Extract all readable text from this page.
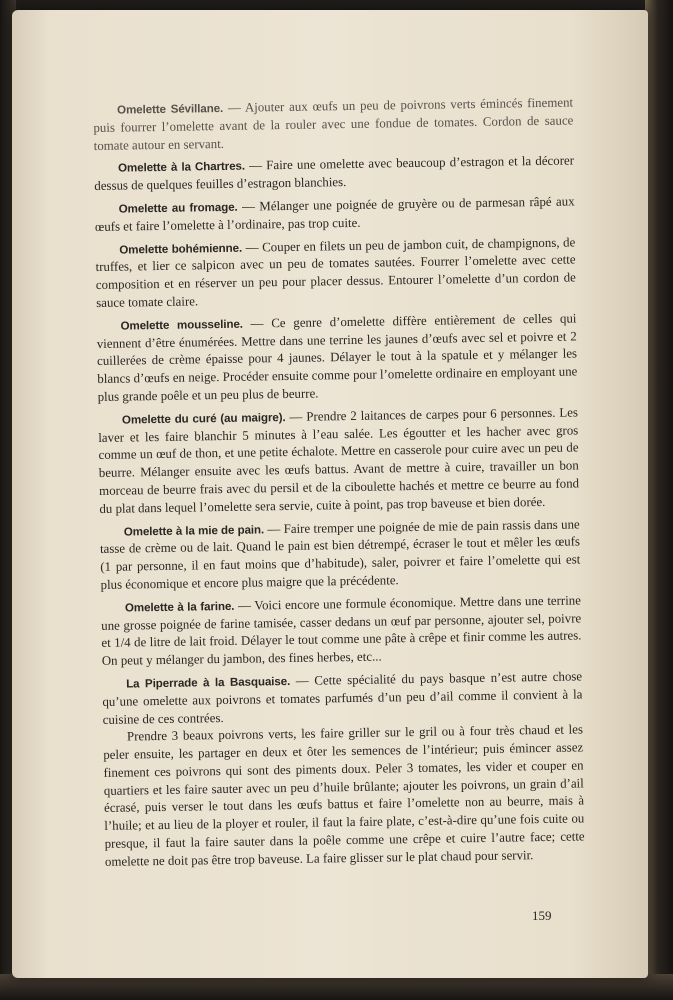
Omelette Sévillane. — Ajouter aux œufs un peu de poivrons verts émincés finement puis fourrer l’omelette avant de la rouler avec une fondue de tomates. Cordon de sauce tomate autour en servant.

Omelette à la Chartres. — Faire une omelette avec beaucoup d’estragon et la décorer dessus de quelques feuilles d’estragon blanchies.

Omelette au fromage. — Mélanger une poignée de gruyère ou de parmesan râpé aux œufs et faire l’omelette à l’ordinaire, pas trop cuite.

Omelette bohémienne. — Couper en filets un peu de jambon cuit, de champignons, de truffes, et lier ce salpicon avec un peu de tomates sautées. Fourrer l’omelette avec cette composition et en réserver un peu pour placer dessus. Entourer l’omelette d’un cordon de sauce tomate claire.

Omelette mousseline. — Ce genre d’omelette diffère entièrement de celles qui viennent d’être énumérées. Mettre dans une terrine les jaunes d’œufs avec sel et poivre et 2 cuillerées de crème épaisse pour 4 jaunes. Délayer le tout à la spatule et y mélanger les blancs d’œufs en neige. Procéder ensuite comme pour l’omelette ordinaire en employant une plus grande poêle et un peu plus de beurre.

Omelette du curé (au maigre). — Prendre 2 laitances de carpes pour 6 personnes. Les laver et les faire blanchir 5 minutes à l’eau salée. Les égoutter et les hacher avec gros comme un œuf de thon, et une petite échalote. Mettre en casserole pour cuire avec un peu de beurre. Mélanger ensuite avec les œufs battus. Avant de mettre à cuire, travailler un bon morceau de beurre frais avec du persil et de la ciboulette hachés et mettre ce beurre au fond du plat dans lequel l’omelette sera servie, cuite à point, pas trop baveuse et bien dorée.

Omelette à la mie de pain. — Faire tremper une poignée de mie de pain rassis dans une tasse de crème ou de lait. Quand le pain est bien détrempé, écraser le tout et mêler les œufs (1 par personne, il en faut moins que d’habitude), saler, poivrer et faire l’omelette qui est plus économique et encore plus maigre que la précédente.

Omelette à la farine. — Voici encore une formule économique. Mettre dans une terrine une grosse poignée de farine tamisée, casser dedans un œuf par personne, ajouter sel, poivre et 1/4 de litre de lait froid. Délayer le tout comme une pâte à crêpe et finir comme les autres. On peut y mélanger du jambon, des fines herbes, etc...

La Piperrade à la Basquaise. — Cette spécialité du pays basque n’est autre chose qu’une omelette aux poivrons et tomates parfumés d’un peu d’ail comme il convient à la cuisine de ces contrées.

Prendre 3 beaux poivrons verts, les faire griller sur le gril ou à four très chaud et les peler ensuite, les partager en deux et ôter les semences de l’intérieur; puis émincer assez finement ces poivrons qui sont des piments doux. Peler 3 tomates, les vider et couper en quartiers et les faire sauter avec un peu d’huile brûlante; ajouter les poivrons, un grain d’ail écrasé, puis verser le tout dans les œufs battus et faire l’omelette non au beurre, mais à l’huile; et au lieu de la ployer et rouler, il faut la faire plate, c’est-à-dire qu’une fois cuite ou presque, il faut la faire sauter dans la poêle comme une crêpe et cuire l’autre face; cette omelette ne doit pas être trop baveuse. La faire glisser sur le plat chaud pour servir.

159
